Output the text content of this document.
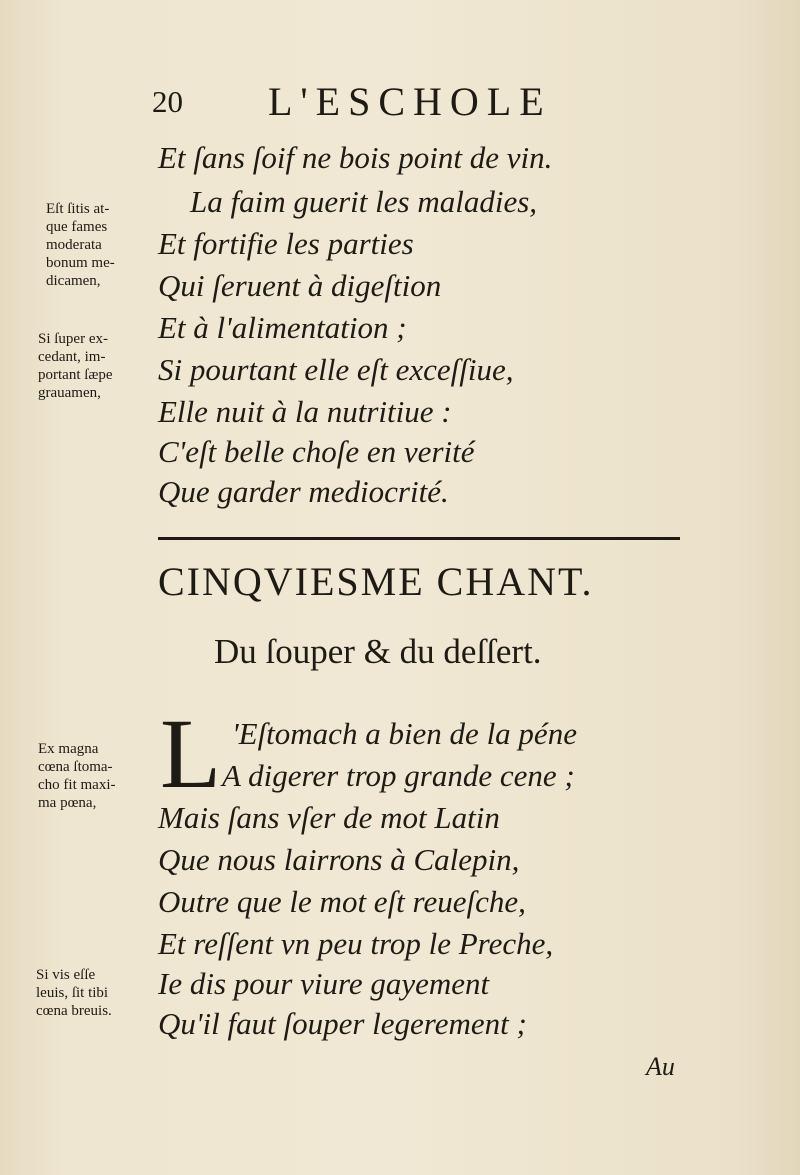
20 L'ESCHOLE
Et ſans ſoif ne bois point de vin.
La faim guerit les maladies,
Et fortifie les parties
Qui ſeruent à digeſtion
Et à l'alimentation ;
Si pourtant elle eſt exceſſiue,
Elle nuit à la nutritiue :
C'eſt belle choſe en verité
Que garder mediocrité.
Eſt ſitis at-
que fames
moderata
bonum me-
dicamen,
Si ſuper ex-
cedant, im-
portant ſæpe
grauamen,
Ex magna
cœna ſtoma-
cho fit maxi-
ma pœna,
Si vis eſſe
leuis, ſit tibi
cœna breuis.
CINQVIESME CHANT.
Du ſouper & du deſſert.
L 'Eſtomach a bien de la péne
A digerer trop grande cene ;
Mais ſans vſer de mot Latin
Que nous lairrons à Calepin,
Outre que le mot eſt reueſche,
Et reſſent vn peu trop le Preche,
Ie dis pour viure gayement
Qu'il faut ſouper legerement ;
Au
